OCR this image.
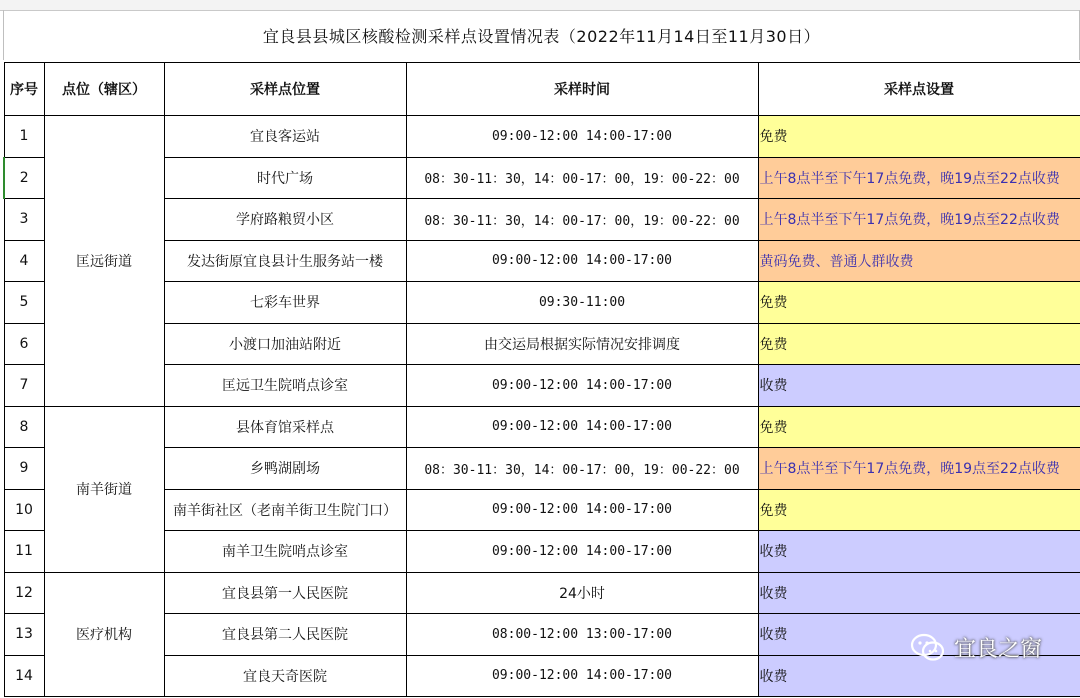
宜良县县城区核酸检测采样点设置情况表（2022年11月14日至11月30日）
序号	点位（辖区）	采样点位置	采样时间	采样点设置
1	匡远街道	宜良客运站	09:00-12:00 14:00-17:00	免费
2		时代广场	08：30-11：30，14：00-17：00，19：00-22：00	上午8点半至下午17点免费，晚19点至22点收费
3		学府路粮贸小区	08：30-11：30，14：00-17：00，19：00-22：00	上午8点半至下午17点免费，晚19点至22点收费
4		发达街原宜良县计生服务站一楼	09:00-12:00 14:00-17:00	黄码免费、普通人群收费
5		七彩车世界	09:30-11:00	免费
6		小渡口加油站附近	由交运局根据实际情况安排调度	免费
7		匡远卫生院哨点诊室	09:00-12:00 14:00-17:00	收费
8	南羊街道	县体育馆采样点	09:00-12:00 14:00-17:00	免费
9		乡鸭湖剧场	08：30-11：30，14：00-17：00，19：00-22：00	上午8点半至下午17点免费，晚19点至22点收费
10		南羊街社区（老南羊街卫生院门口）	09:00-12:00 14:00-17:00	免费
11		南羊卫生院哨点诊室	09:00-12:00 14:00-17:00	收费
12	医疗机构	宜良县第一人民医院	24小时	收费
13		宜良县第二人民医院	08:00-12:00 13:00-17:00	收费
14		宜良天奇医院	09:00-12:00 14:00-17:00	收费
宜良之窗
